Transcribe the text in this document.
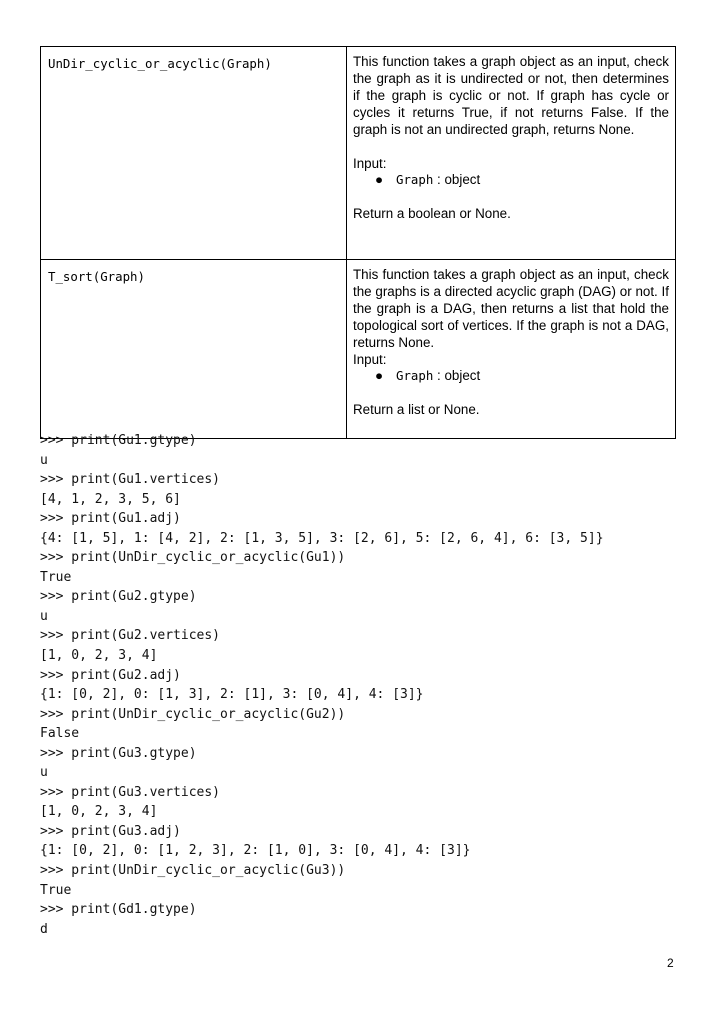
UnDir_cyclic_or_acyclic(Graph)	This function takes a graph object as an input, check the graph as it is undirected or not, then determines if the graph is cyclic or not. If graph has cycle or cycles it returns True, if not returns False. If the graph is not an undirected graph, returns None.

Input:

● Graph : object

Return a boolean or None.

T_sort(Graph)	This function takes a graph object as an input, check the graphs is a directed acyclic graph (DAG) or not. If the graph is a DAG, then returns a list that hold the topological sort of vertices. If the graph is not a DAG, returns None.

Input:

● Graph : object

Return a list or None.

>>> print(Gu1.gtype)
u
>>> print(Gu1.vertices)
[4, 1, 2, 3, 5, 6]
>>> print(Gu1.adj)
{4: [1, 5], 1: [4, 2], 2: [1, 3, 5], 3: [2, 6], 5: [2, 6, 4], 6: [3, 5]}
>>> print(UnDir_cyclic_or_acyclic(Gu1))
True
>>> print(Gu2.gtype)
u
>>> print(Gu2.vertices)
[1, 0, 2, 3, 4]
>>> print(Gu2.adj)
{1: [0, 2], 0: [1, 3], 2: [1], 3: [0, 4], 4: [3]}
>>> print(UnDir_cyclic_or_acyclic(Gu2))
False
>>> print(Gu3.gtype)
u
>>> print(Gu3.vertices)
[1, 0, 2, 3, 4]
>>> print(Gu3.adj)
{1: [0, 2], 0: [1, 2, 3], 2: [1, 0], 3: [0, 4], 4: [3]}
>>> print(UnDir_cyclic_or_acyclic(Gu3))
True
>>> print(Gd1.gtype)
d
2
